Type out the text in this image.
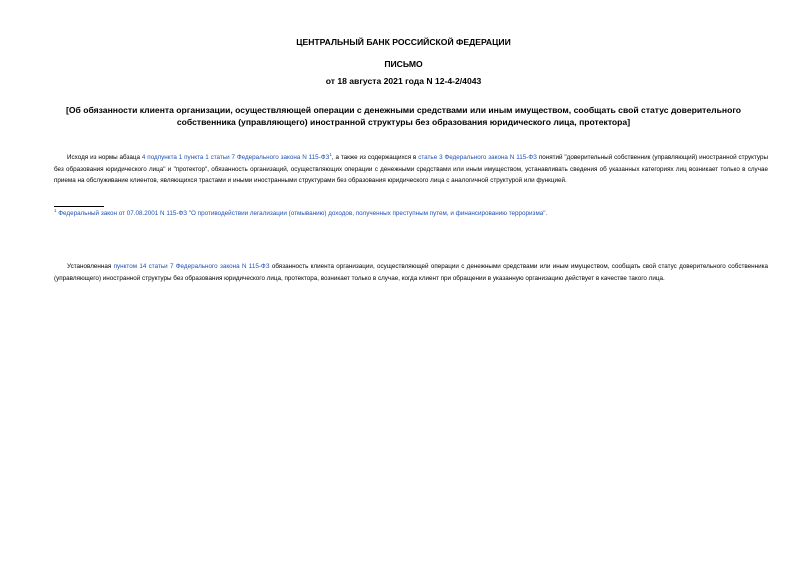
ЦЕНТРАЛЬНЫЙ БАНК РОССИЙСКОЙ ФЕДЕРАЦИИ
ПИСЬМО
от 18 августа 2021 года N 12-4-2/4043
[Об обязанности клиента организации, осуществляющей операции с денежными средствами или иным имуществом, сообщать свой статус доверительного собственника (управляющего) иностранной структуры без образования юридического лица, протектора]
Исходя из нормы абзаца 4 подпункта 1 пункта 1 статьи 7 Федерального закона N $115-ФЗ^1$, а также из содержащихся в статье 3 Федерального закона N 115-ФЗ понятий "доверительный собственник (управляющий) иностранной структуры без образования юридического лица" и "протектор", обязанность организаций, осуществляющих операции с денежными средствами или иным имуществом, устанавливать сведения об указанных категориях лиц возникает только в случае приема на обслуживание клиентов, являющихся трастами и иными иностранными структурами без образования юридического лица с аналогичной структурой или функцией.
$^1$ Федеральный закон от 07.08.2001 N 115-ФЗ "О противодействии легализации (отмыванию) доходов, полученных преступным путем, и финансированию терроризма".
Установленная пунктом 14 статьи 7 Федерального закона N 115-ФЗ обязанность клиента организации, осуществляющей операции с денежными средствами или иным имуществом, сообщать свой статус доверительного собственника (управляющего) иностранной структуры без образования юридического лица, протектора, возникает только в случае, когда клиент при обращении в указанную организацию действует в качестве такого лица.
